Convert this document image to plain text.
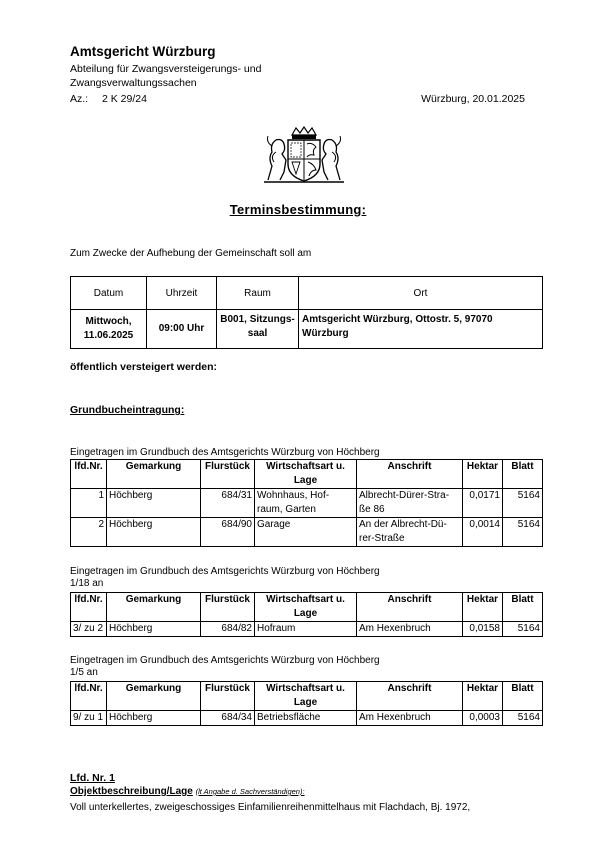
Amtsgericht Würzburg
Abteilung für Zwangsversteigerungs- und Zwangsverwaltungssachen
Az.: 2 K 29/24	Würzburg, 20.01.2025
Terminsbestimmung:
Zum Zwecke der Aufhebung der Gemeinschaft soll am
Datum	Uhrzeit	Raum	Ort
Mittwoch, 11.06.2025	09:00 Uhr	B001, Sitzungs-saal	Amtsgericht Würzburg, Ottostr. 5, 97070 Würzburg
öffentlich versteigert werden:
Grundbucheintragung:
Eingetragen im Grundbuch des Amtsgerichts Würzburg von Höchberg
lfd.Nr.	Gemarkung	Flurstück	Wirtschaftsart u. Lage	Anschrift	Hektar	Blatt
1	Höchberg	684/31	Wohnhaus, Hof-raum, Garten	Albrecht-Dürer-Stra-ße 86	0,0171	5164
2	Höchberg	684/90	Garage	An der Albrecht-Dü-rer-Straße	0,0014	5164
Eingetragen im Grundbuch des Amtsgerichts Würzburg von Höchberg
1/18 an
lfd.Nr.	Gemarkung	Flurstück	Wirtschaftsart u. Lage	Anschrift	Hektar	Blatt
3/ zu 2	Höchberg	684/82	Hofraum	Am Hexenbruch	0,0158	5164
Eingetragen im Grundbuch des Amtsgerichts Würzburg von Höchberg
1/5 an
lfd.Nr.	Gemarkung	Flurstück	Wirtschaftsart u. Lage	Anschrift	Hektar	Blatt
9/ zu 1	Höchberg	684/34	Betriebsfläche	Am Hexenbruch	0,0003	5164
Lfd. Nr. 1
Objektbeschreibung/Lage (lt Angabe d. Sachverständigen):
Voll unterkellertes, zweigeschossiges Einfamilienreihenmittelhaus mit Flachdach, Bj. 1972,
